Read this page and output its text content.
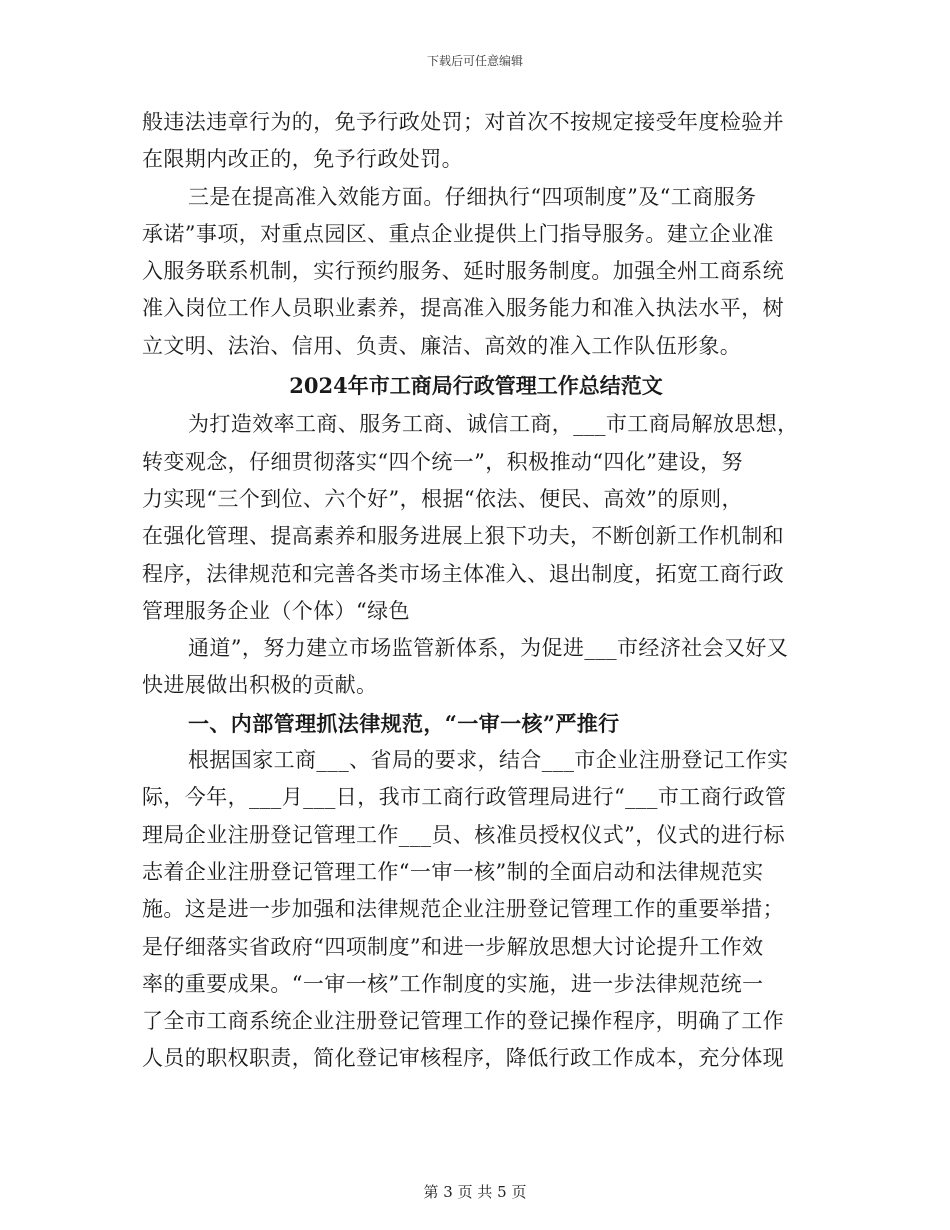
下载后可任意编辑
般违法违章行为的，免予行政处罚；对首次不按规定接受年度检验并
在限期内改正的，免予行政处罚。
三是在提高准入效能方面。仔细执行“四项制度”及“工商服务
承诺”事项，对重点园区、重点企业提供上门指导服务。建立企业准
入服务联系机制，实行预约服务、延时服务制度。加强全州工商系统
准入岗位工作人员职业素养，提高准入服务能力和准入执法水平，树
立文明、法治、信用、负责、廉洁、高效的准入工作队伍形象。
2024年市工商局行政管理工作总结范文
为打造效率工商、服务工商、诚信工商，___市工商局解放思想，
转变观念，仔细贯彻落实“四个统一”，积极推动“四化”建设，努
力实现“三个到位、六个好”，根据“依法、便民、高效”的原则，
在强化管理、提高素养和服务进展上狠下功夫，不断创新工作机制和
程序，法律规范和完善各类市场主体准入、退出制度，拓宽工商行政
管理服务企业（个体）“绿色
通道”，努力建立市场监管新体系，为促进___市经济社会又好又
快进展做出积极的贡献。
一、内部管理抓法律规范，“一审一核”严推行
根据国家工商___、省局的要求，结合___市企业注册登记工作实
际，今年，___月___日，我市工商行政管理局进行“___市工商行政管
理局企业注册登记管理工作___员、核准员授权仪式”，仪式的进行标
志着企业注册登记管理工作“一审一核”制的全面启动和法律规范实
施。这是进一步加强和法律规范企业注册登记管理工作的重要举措；
是仔细落实省政府“四项制度”和进一步解放思想大讨论提升工作效
率的重要成果。“一审一核”工作制度的实施，进一步法律规范统一
了全市工商系统企业注册登记管理工作的登记操作程序，明确了工作
人员的职权职责，简化登记审核程序，降低行政工作成本，充分体现
第 3 页 共 5 页
